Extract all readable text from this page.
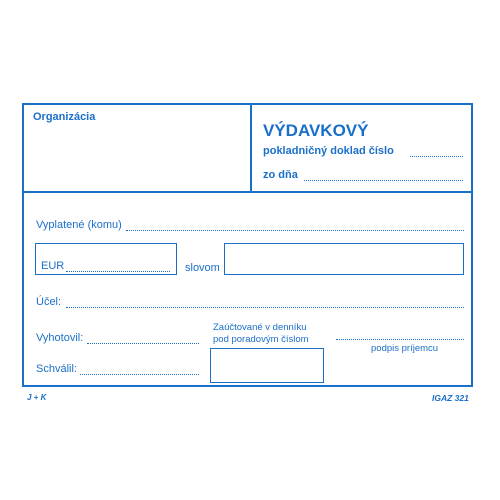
Organizácia
VÝDAVKOVÝ
pokladničný doklad číslo
zo dňa
Vyplatené (komu)
EUR	slovom
Účel:
Vyhotovil:
Zaúčtované v denníku
pod poradovým číslom
podpis príjemcu
Schválil:
J + K	IGAZ 321
